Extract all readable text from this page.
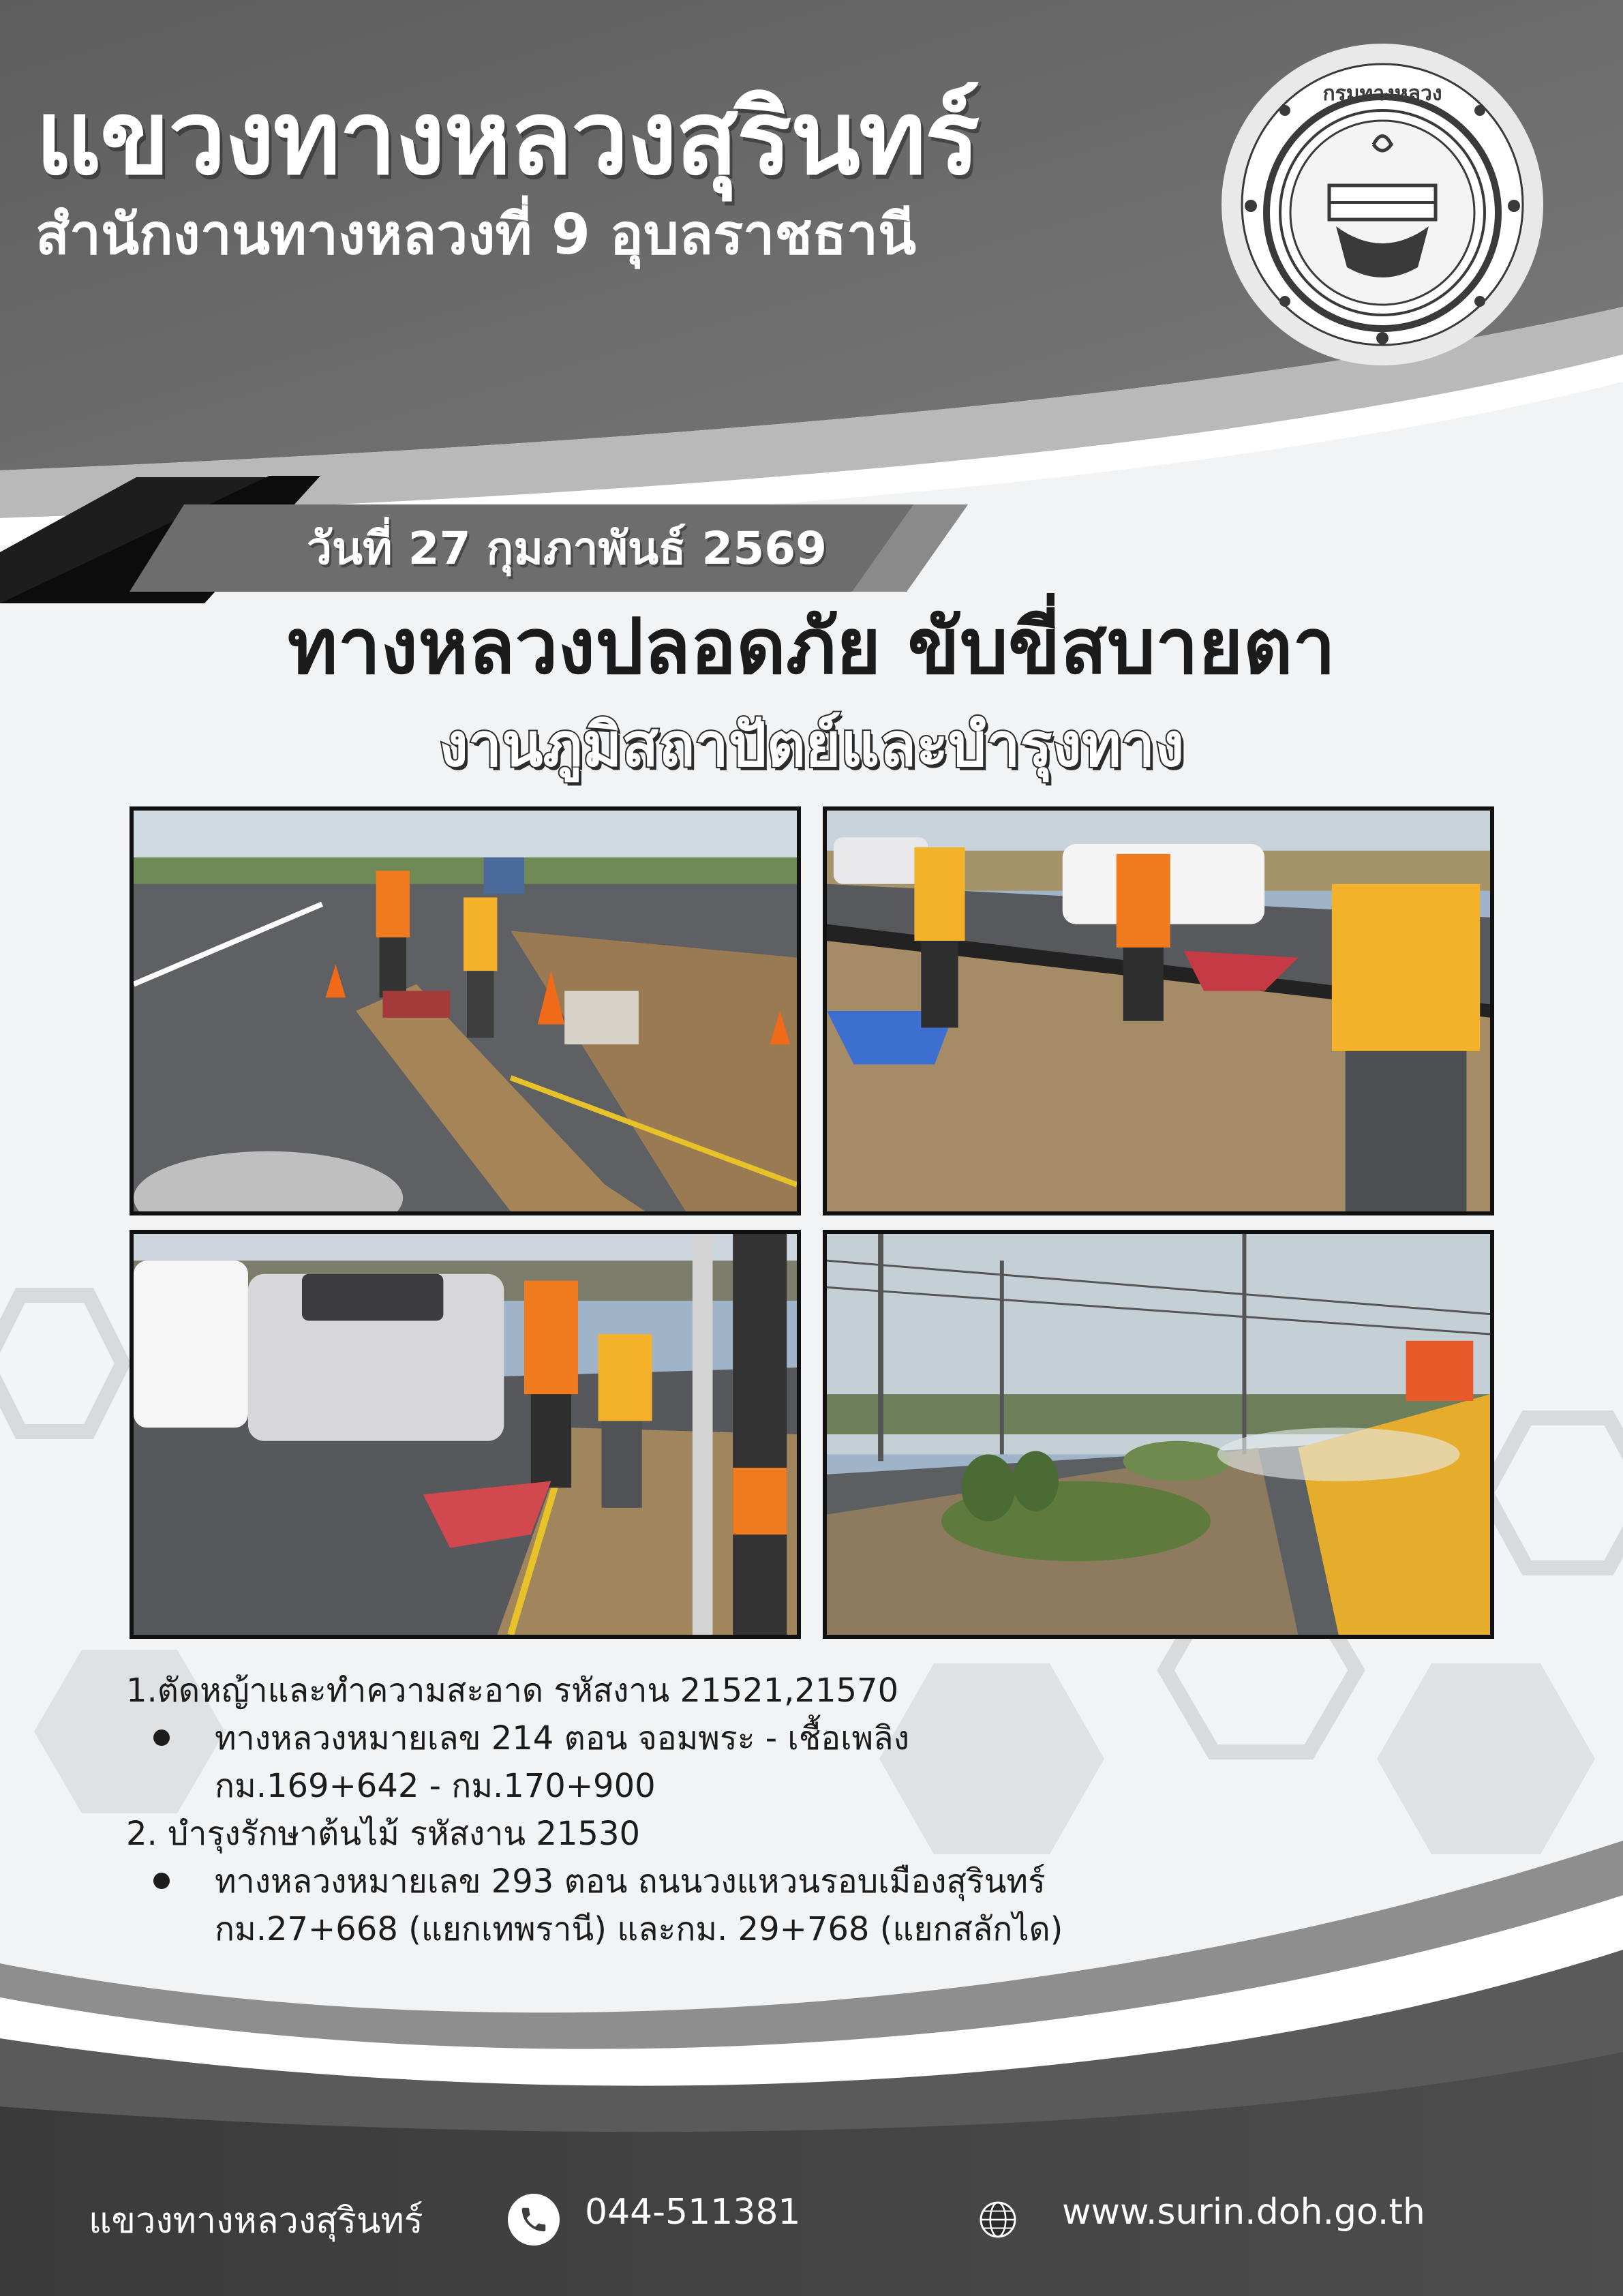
แขวงทางหลวงสุรินทร์
สำนักงานทางหลวงที่ 9 อุบลราชธานี
กรมทางหลวง
วันที่ 27 กุมภาพันธ์ 2569
ทางหลวงปลอดภัย ขับขี่สบายตา
งานภูมิสถาปัตย์และบำรุงทาง
1.ตัดหญ้าและทำความสะอาด รหัสงาน 21521,21570
ทางหลวงหมายเลข 214 ตอน จอมพระ - เชื้อเพลิง
กม.169+642 - กม.170+900
2. บำรุงรักษาต้นไม้ รหัสงาน 21530
ทางหลวงหมายเลข 293 ตอน ถนนวงแหวนรอบเมืองสุรินทร์
กม.27+668 (แยกเทพรานี) และกม. 29+768 (แยกสลักได)
แขวงทางหลวงสุรินทร์	044-511381	www.surin.doh.go.th
